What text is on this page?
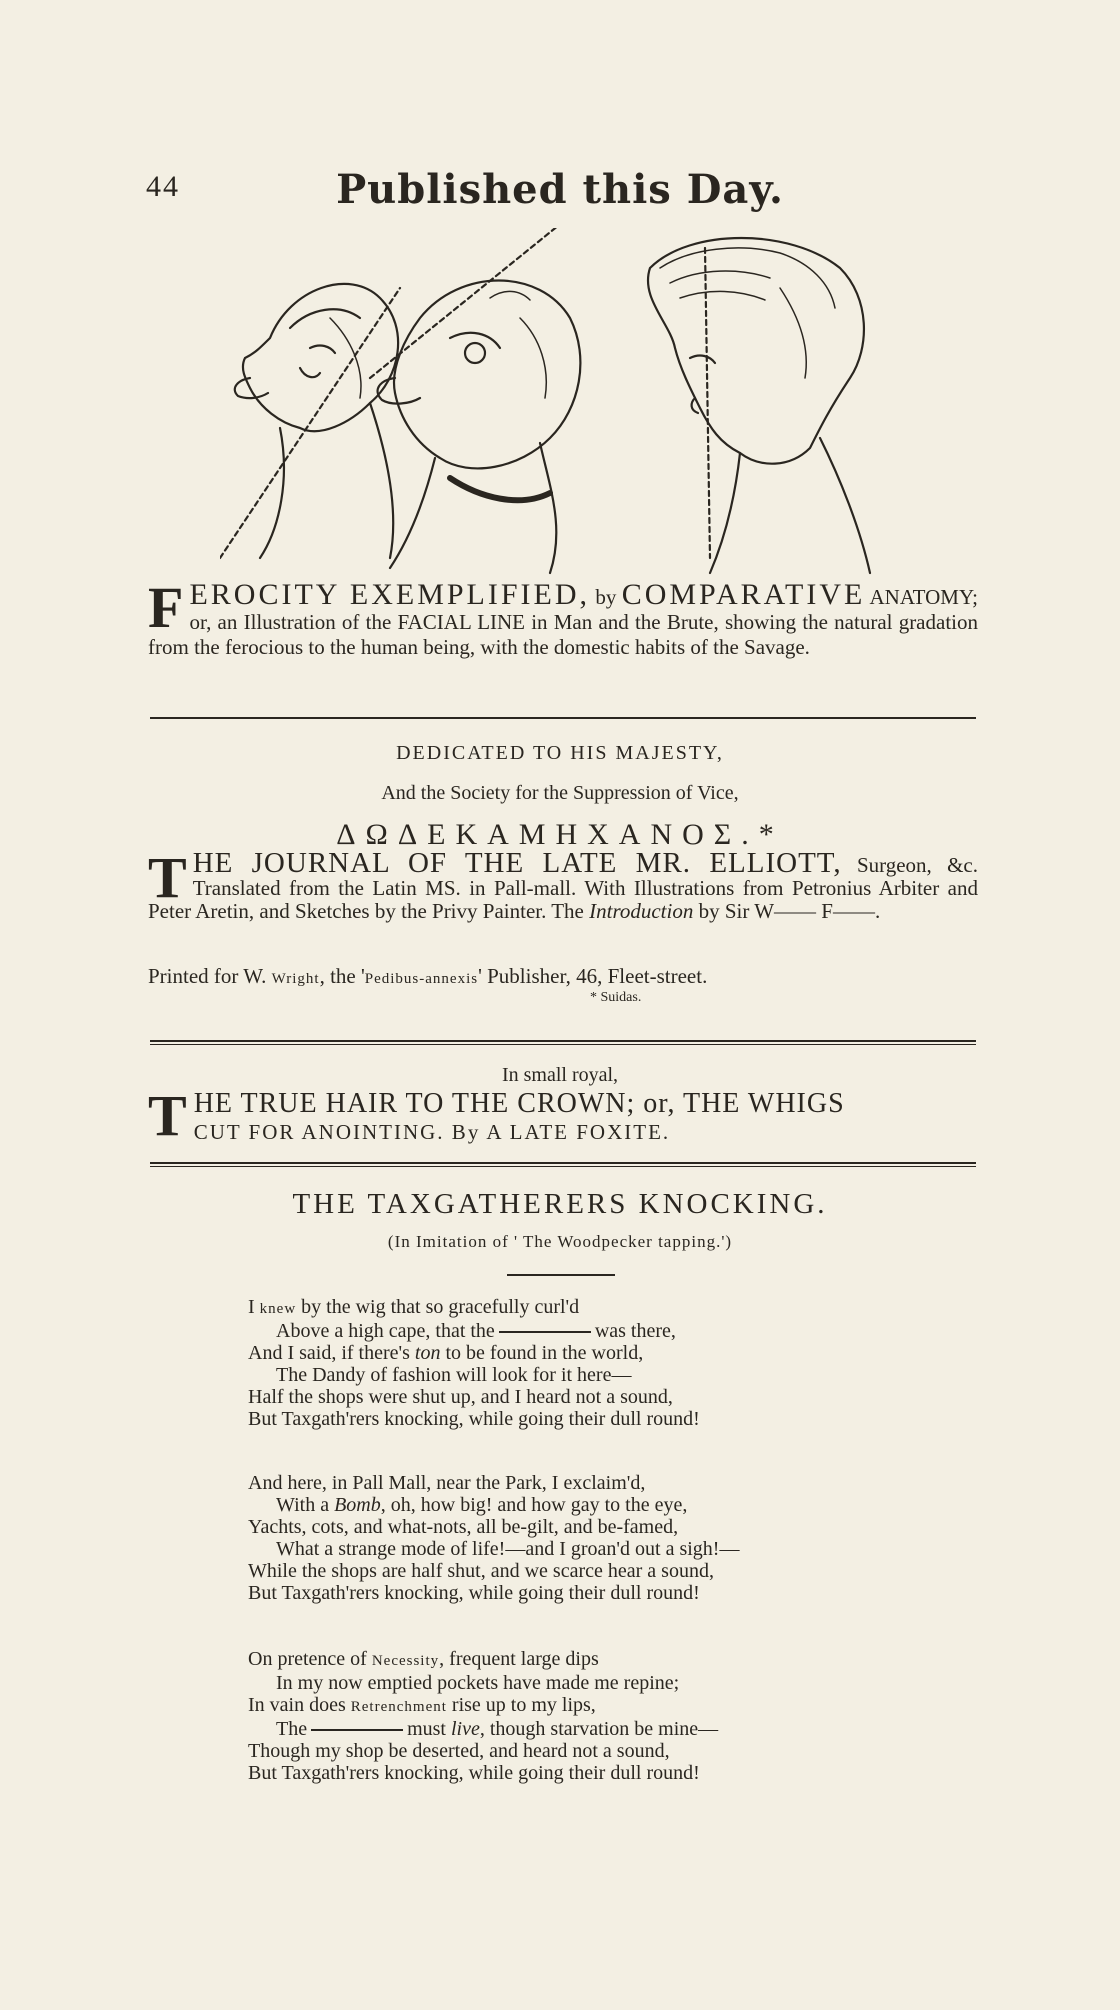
44	Published this Day.
F EROCITY EXEMPLIFIED, by COMPARATIVE ANATOMY; or, an Illustration of the FACIAL LINE in Man and the Brute, showing the natural gradation from the ferocious to the human being, with the domestic habits of the Savage.
DEDICATED TO HIS MAJESTY,
And the Society for the Suppression of Vice,
ΔΩΔΕΚΑΜΗΧΑΝΟΣ.*
T HE JOURNAL OF THE LATE MR. ELLIOTT, Surgeon, &c. Translated from the Latin MS. in Pall-mall. With Illustrations from Petronius Arbiter and Peter Aretin, and Sketches by the Privy Painter. The Introduction by Sir W—— F——.
Printed for W. Wright, the 'Pedibus-annexis' Publisher, 46, Fleet-street.
* Suidas.
In small royal,
T HE TRUE HAIR TO THE CROWN; or, THE WHIGS
CUT FOR ANOINTING. By A LATE FOXITE.
THE TAXGATHERERS KNOCKING.
(In Imitation of ' The Woodpecker tapping.')
I knew by the wig that so gracefully curl'd
Above a high cape, that the	was there,
And I said, if there's ton to be found in the world,
The Dandy of fashion will look for it here—
Half the shops were shut up, and I heard not a sound,
But Taxgath'rers knocking, while going their dull round!
And here, in Pall Mall, near the Park, I exclaim'd,
With a Bomb, oh, how big! and how gay to the eye,
Yachts, cots, and what-nots, all be-gilt, and be-famed,
What a strange mode of life!—and I groan'd out a sigh!—
While the shops are half shut, and we scarce hear a sound,
But Taxgath'rers knocking, while going their dull round!
On pretence of Necessity, frequent large dips
In my now emptied pockets have made me repine;
In vain does Retrenchment rise up to my lips,
The	must live, though starvation be mine—
Though my shop be deserted, and heard not a sound,
But Taxgath'rers knocking, while going their dull round!
